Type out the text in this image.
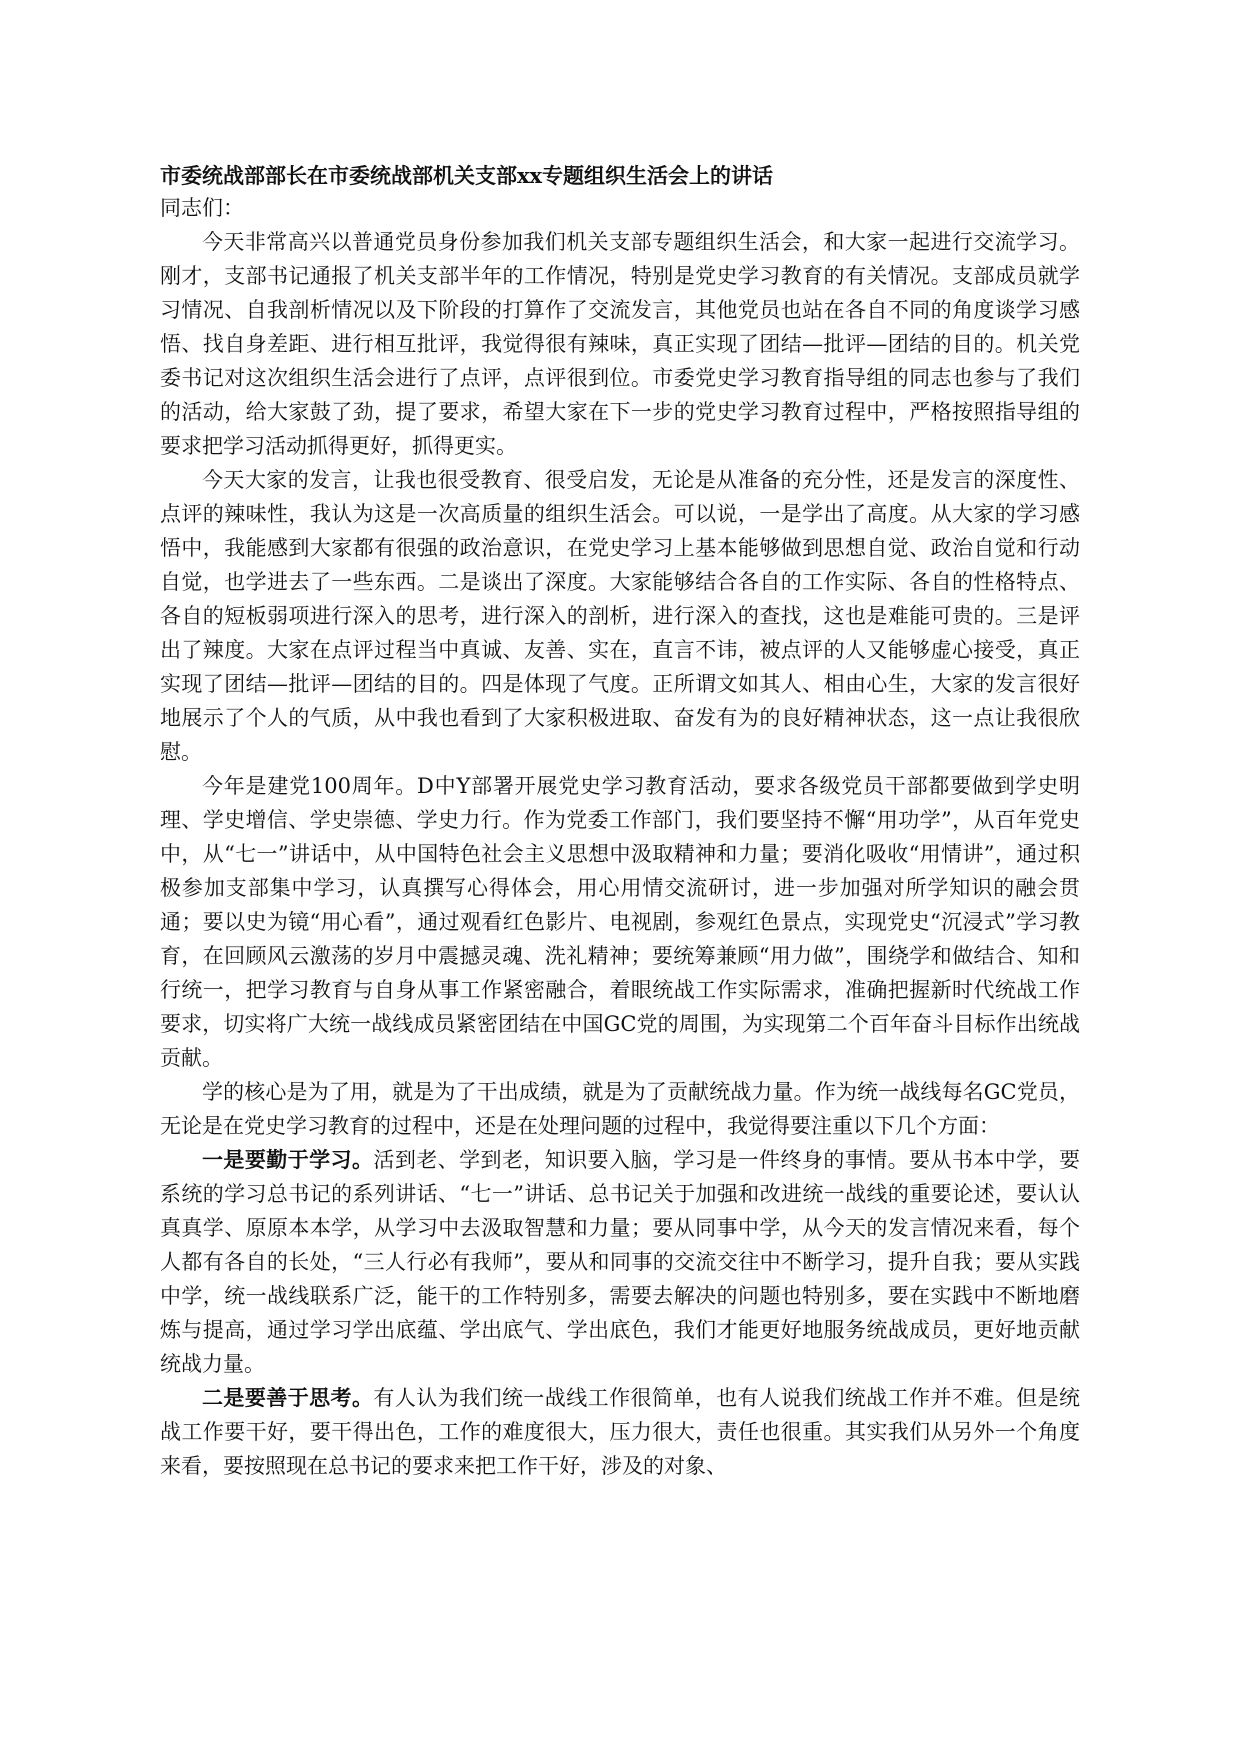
市委统战部部长在市委统战部机关支部xx专题组织生活会上的讲话

同志们：

今天非常高兴以普通党员身份参加我们机关支部专题组织生活会，和大家一起进行交流学习。刚才，支部书记通报了机关支部半年的工作情况，特别是党史学习教育的有关情况。支部成员就学习情况、自我剖析情况以及下阶段的打算作了交流发言，其他党员也站在各自不同的角度谈学习感悟、找自身差距、进行相互批评，我觉得很有辣味，真正实现了团结—批评—团结的目的。机关党委书记对这次组织生活会进行了点评，点评很到位。市委党史学习教育指导组的同志也参与了我们的活动，给大家鼓了劲，提了要求，希望大家在下一步的党史学习教育过程中，严格按照指导组的要求把学习活动抓得更好，抓得更实。

今天大家的发言，让我也很受教育、很受启发，无论是从准备的充分性，还是发言的深度性、点评的辣味性，我认为这是一次高质量的组织生活会。可以说，一是学出了高度。从大家的学习感悟中，我能感到大家都有很强的政治意识，在党史学习上基本能够做到思想自觉、政治自觉和行动自觉，也学进去了一些东西。二是谈出了深度。大家能够结合各自的工作实际、各自的性格特点、各自的短板弱项进行深入的思考，进行深入的剖析，进行深入的查找，这也是难能可贵的。三是评出了辣度。大家在点评过程当中真诚、友善、实在，直言不讳，被点评的人又能够虚心接受，真正实现了团结—批评—团结的目的。四是体现了气度。正所谓文如其人、相由心生，大家的发言很好地展示了个人的气质，从中我也看到了大家积极进取、奋发有为的良好精神状态，这一点让我很欣慰。

今年是建党100周年。D中Y部署开展党史学习教育活动，要求各级党员干部都要做到学史明理、学史增信、学史崇德、学史力行。作为党委工作部门，我们要坚持不懈“用功学”，从百年党史中，从“七一”讲话中，从中国特色社会主义思想中汲取精神和力量；要消化吸收“用情讲”，通过积极参加支部集中学习，认真撰写心得体会，用心用情交流研讨，进一步加强对所学知识的融会贯通；要以史为镜“用心看”，通过观看红色影片、电视剧，参观红色景点，实现党史“沉浸式”学习教育，在回顾风云激荡的岁月中震撼灵魂、洗礼精神；要统筹兼顾“用力做”，围绕学和做结合、知和行统一，把学习教育与自身从事工作紧密融合，着眼统战工作实际需求，准确把握新时代统战工作要求，切实将广大统一战线成员紧密团结在中国GC党的周围，为实现第二个百年奋斗目标作出统战贡献。

学的核心是为了用，就是为了干出成绩，就是为了贡献统战力量。作为统一战线每名GC党员，无论是在党史学习教育的过程中，还是在处理问题的过程中，我觉得要注重以下几个方面：

一是要勤于学习。活到老、学到老，知识要入脑，学习是一件终身的事情。要从书本中学，要系统的学习总书记的系列讲话、“七一”讲话、总书记关于加强和改进统一战线的重要论述，要认认真真学、原原本本学，从学习中去汲取智慧和力量；要从同事中学，从今天的发言情况来看，每个人都有各自的长处，“三人行必有我师”，要从和同事的交流交往中不断学习，提升自我；要从实践中学，统一战线联系广泛，能干的工作特别多，需要去解决的问题也特别多，要在实践中不断地磨炼与提高，通过学习学出底蕴、学出底气、学出底色，我们才能更好地服务统战成员，更好地贡献统战力量。

二是要善于思考。有人认为我们统一战线工作很简单，也有人说我们统战工作并不难。但是统战工作要干好，要干得出色，工作的难度很大，压力很大，责任也很重。其实我们从另外一个角度来看，要按照现在总书记的要求来把工作干好，涉及的对象、
